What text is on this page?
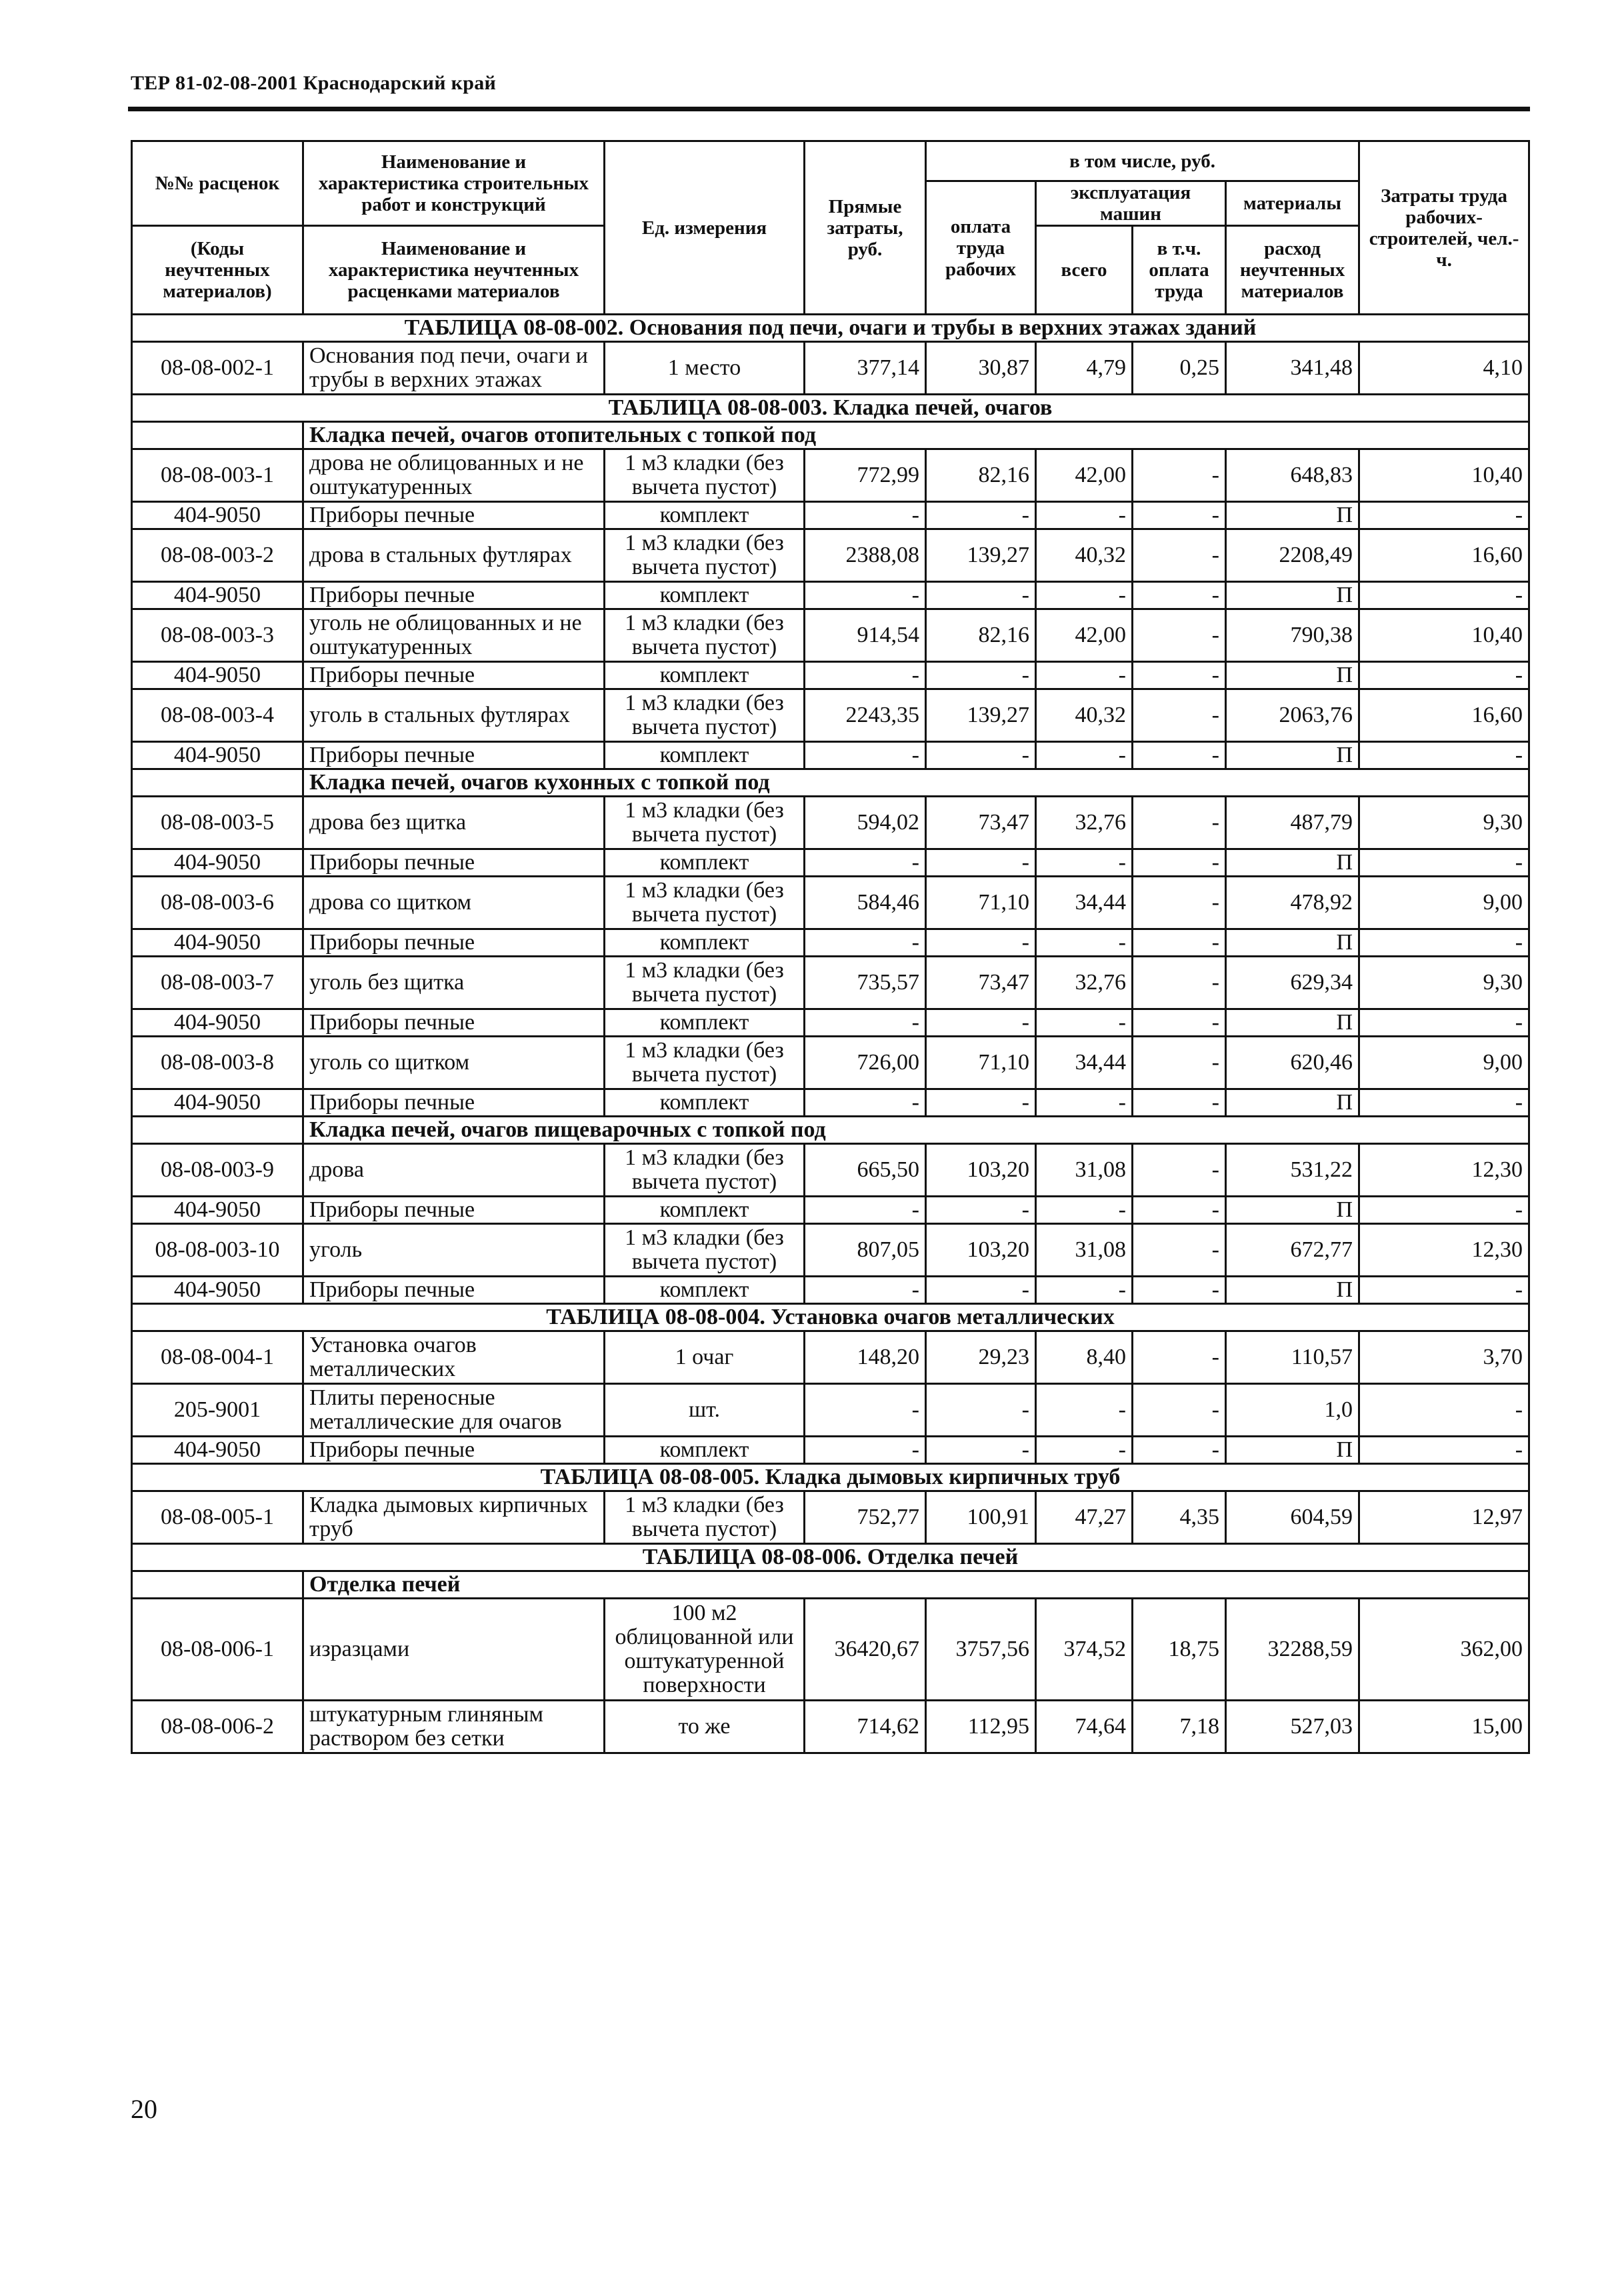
ТЕР 81-02-08-2001 Краснодарский край
№№ расценок	Наименование и характеристика строительных работ и конструкций	Ед. измерения	Прямые затраты, руб.	в том числе, руб.				Затраты труда рабочих-строителей, чел.-ч.
				оплата труда рабочих	эксплуатация машин		материалы	
(Коды неучтенных материалов)	Наименование и характеристика неучтенных расценками материалов				всего	в т.ч. оплата труда	расход неучтенных материалов	

ТАБЛИЦА 08-08-002. Основания под печи, очаги и трубы в верхних этажах зданий								
08-08-002-1	Основания под печи, очаги и трубы в верхних этажах	1 место	377,14	30,87	4,79	0,25	341,48	4,10
ТАБЛИЦА 08-08-003. Кладка печей, очагов								
	Кладка печей, очагов отопительных с топкой под							
08-08-003-1	дрова не облицованных и не оштукатуренных	1 м3 кладки (без вычета пустот)	772,99	82,16	42,00	-	648,83	10,40
404-9050	Приборы печные	комплект	-	-	-	-	П	-
08-08-003-2	дрова в стальных футлярах	1 м3 кладки (без вычета пустот)	2388,08	139,27	40,32	-	2208,49	16,60
404-9050	Приборы печные	комплект	-	-	-	-	П	-
08-08-003-3	уголь не облицованных и не оштукатуренных	1 м3 кладки (без вычета пустот)	914,54	82,16	42,00	-	790,38	10,40
404-9050	Приборы печные	комплект	-	-	-	-	П	-
08-08-003-4	уголь в стальных футлярах	1 м3 кладки (без вычета пустот)	2243,35	139,27	40,32	-	2063,76	16,60
404-9050	Приборы печные	комплект	-	-	-	-	П	-
	Кладка печей, очагов кухонных с топкой под							
08-08-003-5	дрова без щитка	1 м3 кладки (без вычета пустот)	594,02	73,47	32,76	-	487,79	9,30
404-9050	Приборы печные	комплект	-	-	-	-	П	-
08-08-003-6	дрова со щитком	1 м3 кладки (без вычета пустот)	584,46	71,10	34,44	-	478,92	9,00
404-9050	Приборы печные	комплект	-	-	-	-	П	-
08-08-003-7	уголь без щитка	1 м3 кладки (без вычета пустот)	735,57	73,47	32,76	-	629,34	9,30
404-9050	Приборы печные	комплект	-	-	-	-	П	-
08-08-003-8	уголь со щитком	1 м3 кладки (без вычета пустот)	726,00	71,10	34,44	-	620,46	9,00
404-9050	Приборы печные	комплект	-	-	-	-	П	-
	Кладка печей, очагов пищеварочных с топкой под							
08-08-003-9	дрова	1 м3 кладки (без вычета пустот)	665,50	103,20	31,08	-	531,22	12,30
404-9050	Приборы печные	комплект	-	-	-	-	П	-
08-08-003-10	уголь	1 м3 кладки (без вычета пустот)	807,05	103,20	31,08	-	672,77	12,30
404-9050	Приборы печные	комплект	-	-	-	-	П	-
ТАБЛИЦА 08-08-004. Установка очагов металлических								
08-08-004-1	Установка очагов металлических	1 очаг	148,20	29,23	8,40	-	110,57	3,70
205-9001	Плиты переносные металлические для очагов	шт.	-	-	-	-	1,0	-
404-9050	Приборы печные	комплект	-	-	-	-	П	-
ТАБЛИЦА 08-08-005. Кладка дымовых кирпичных труб								
08-08-005-1	Кладка дымовых кирпичных труб	1 м3 кладки (без вычета пустот)	752,77	100,91	47,27	4,35	604,59	12,97
ТАБЛИЦА 08-08-006. Отделка печей								
	Отделка печей							
08-08-006-1	изразцами	100 м2 облицованной или оштукатуренной поверхности	36420,67	3757,56	374,52	18,75	32288,59	362,00
08-08-006-2	штукатурным глиняным раствором без сетки	то же	714,62	112,95	74,64	7,18	527,03	15,00
20
